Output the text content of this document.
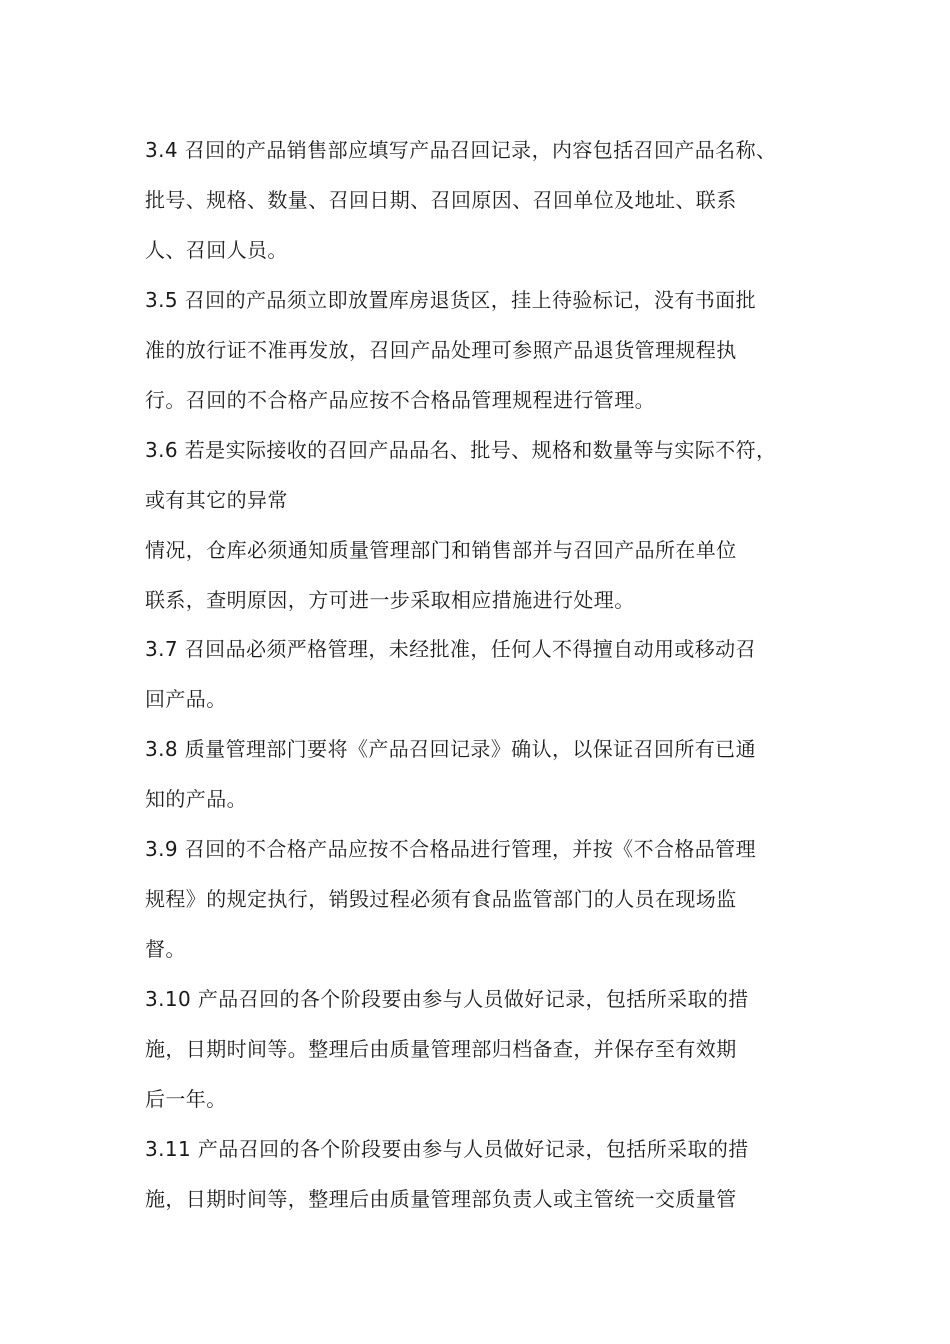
3.4 召回的产品销售部应填写产品召回记录，内容包括召回产品名称、
批号、规格、数量、召回日期、召回原因、召回单位及地址、联系
人、召回人员。
3.5 召回的产品须立即放置库房退货区，挂上待验标记，没有书面批
准的放行证不准再发放，召回产品处理可参照产品退货管理规程执
行。召回的不合格产品应按不合格品管理规程进行管理。
3.6 若是实际接收的召回产品品名、批号、规格和数量等与实际不符，
或有其它的异常
情况，仓库必须通知质量管理部门和销售部并与召回产品所在单位
联系，查明原因，方可进一步采取相应措施进行处理。
3.7 召回品必须严格管理，未经批准，任何人不得擅自动用或移动召
回产品。
3.8 质量管理部门要将《产品召回记录》确认，以保证召回所有已通
知的产品。
3.9 召回的不合格产品应按不合格品进行管理，并按《不合格品管理
规程》的规定执行，销毁过程必须有食品监管部门的人员在现场监
督。
3.10 产品召回的各个阶段要由参与人员做好记录，包括所采取的措
施，日期时间等。整理后由质量管理部归档备查，并保存至有效期
后一年。
3.11 产品召回的各个阶段要由参与人员做好记录，包括所采取的措
施，日期时间等，整理后由质量管理部负责人或主管统一交质量管
